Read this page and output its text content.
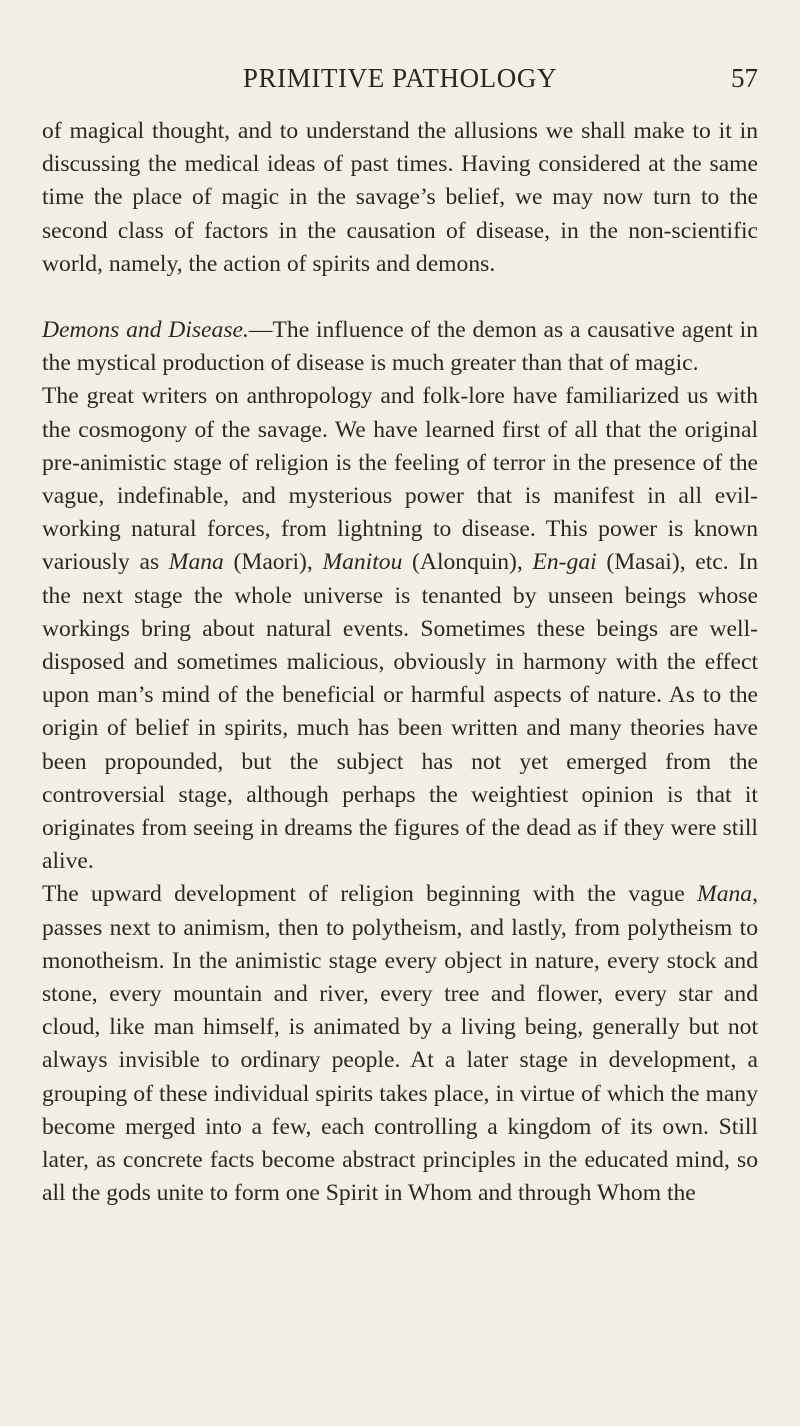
PRIMITIVE PATHOLOGY	57

of magical thought, and to understand the allusions we shall make to it in discussing the medical ideas of past times. Having considered at the same time the place of magic in the savage’s belief, we may now turn to the second class of factors in the causation of disease, in the non-scientific world, namely, the action of spirits and demons.

Demons and Disease.—The influence of the demon as a causative agent in the mystical production of disease is much greater than that of magic.

The great writers on anthropology and folk-lore have familiarized us with the cosmogony of the savage. We have learned first of all that the original pre-animistic stage of religion is the feeling of terror in the presence of the vague, indefinable, and mysterious power that is manifest in all evil-working natural forces, from lightning to disease. This power is known variously as Mana (Maori), Manitou (Alonquin), En-gai (Masai), etc. In the next stage the whole universe is tenanted by unseen beings whose workings bring about natural events. Sometimes these beings are well-disposed and sometimes malicious, obviously in harmony with the effect upon man’s mind of the beneficial or harmful aspects of nature. As to the origin of belief in spirits, much has been written and many theories have been propounded, but the subject has not yet emerged from the controversial stage, although perhaps the weightiest opinion is that it originates from seeing in dreams the figures of the dead as if they were still alive.

The upward development of religion beginning with the vague Mana, passes next to animism, then to polytheism, and lastly, from polytheism to monotheism. In the animistic stage every object in nature, every stock and stone, every mountain and river, every tree and flower, every star and cloud, like man himself, is animated by a living being, generally but not always invisible to ordinary people. At a later stage in development, a grouping of these individual spirits takes place, in virtue of which the many become merged into a few, each controlling a kingdom of its own. Still later, as concrete facts become abstract principles in the educated mind, so all the gods unite to form one Spirit in Whom and through Whom the
